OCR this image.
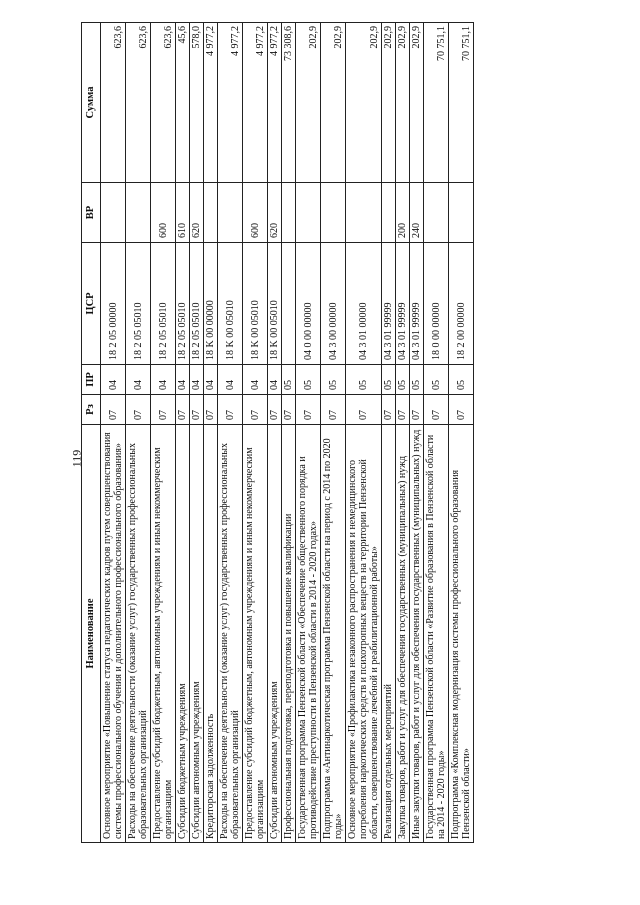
119
Наименование	Рз	ПР	ЦСР	ВР	Сумма
Основное мероприятие «Повышение статуса педагогических кадров путем совершенствования системы профессионального обучения и дополнительного профессионального образования»	07	04	18 2 05 00000		623,6
Расходы на обеспечение деятельности (оказание услуг) государственных профессиональных образовательных организаций	07	04	18 2 05 05010		623,6
Предоставление субсидий бюджетным, автономным учреждениям и иным некоммерческим организациям	07	04	18 2 05 05010	600	623,6
Субсидии бюджетным учреждениям	07	04	18 2 05 05010	610	45,6
Субсидии автономным учреждениям	07	04	18 2 05 05010	620	578,0
Кредиторская задолженность	07	04	18 K 00 00000		4 977,2
Расходы на обеспечение деятельности (оказание услуг) государственных профессиональных образовательных организаций	07	04	18 K 00 05010		4 977,2
Предоставление субсидий бюджетным, автономным учреждениям и иным некоммерческим организациям	07	04	18 K 00 05010	600	4 977,2
Субсидии автономным учреждениям	07	04	18 K 00 05010	620	4 977,2
Профессиональная подготовка, переподготовка и повышение квалификации	07	05			73 308,6
Государственная программа Пензенской области «Обеспечение общественного порядка и противодействие преступности в Пензенской области в 2014 - 2020 годах»	07	05	04 0 00 00000		202,9
Подпрограмма «Антинаркотическая программа Пензенской области на период с 2014 по 2020 годы»	07	05	04 3 00 00000		202,9
Основное мероприятие «Профилактика незаконного распространения и немедицинского потребления наркотических средств и психотропных веществ на территории Пензенской области, совершенствование лечебной и реабилитационной работы»	07	05	04 3 01 00000		202,9
Реализация отдельных мероприятий	07	05	04 3 01 99999		202,9
Закупка товаров, работ и услуг для обеспечения государственных (муниципальных) нужд	07	05	04 3 01 99999	200	202,9
Иные закупки товаров, работ и услуг для обеспечения государственных (муниципальных) нужд	07	05	04 3 01 99999	240	202,9
Государственная программа Пензенской области «Развитие образования в Пензенской области на 2014 - 2020 годы»	07	05	18 0 00 00000		70 751,1
Подпрограмма «Комплексная модернизация системы профессионального образования Пензенской области»	07	05	18 2 00 00000		70 751,1
